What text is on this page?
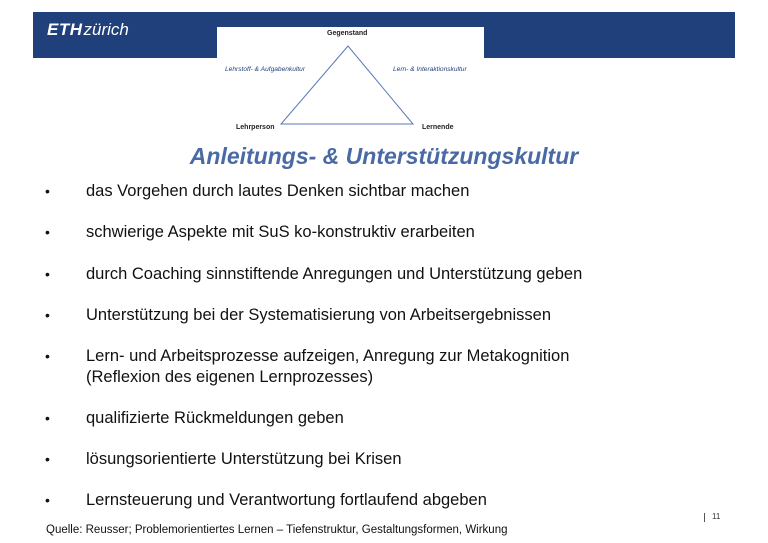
ETHzürich	Gegenstand
Lehrstoff- & Aufgabenkultur	Lern- & Interaktionskultur
Lehrperson	Lernende
Anleitungs- & Unterstützungskultur
• das Vorgehen durch lautes Denken sichtbar machen
• schwierige Aspekte mit SuS ko-konstruktiv erarbeiten
• durch Coaching sinnstiftende Anregungen und Unterstützung geben
• Unterstützung bei der Systematisierung von Arbeitsergebnissen
• Lern- und Arbeitsprozesse aufzeigen, Anregung zur Metakognition
(Reflexion des eigenen Lernprozesses)
• qualifizierte Rückmeldungen geben
• lösungsorientierte Unterstützung bei Krisen
• Lernsteuerung und Verantwortung fortlaufend abgeben
Quelle: Reusser; Problemorientiertes Lernen – Tiefenstruktur, Gestaltungsformen, Wirkung
11
